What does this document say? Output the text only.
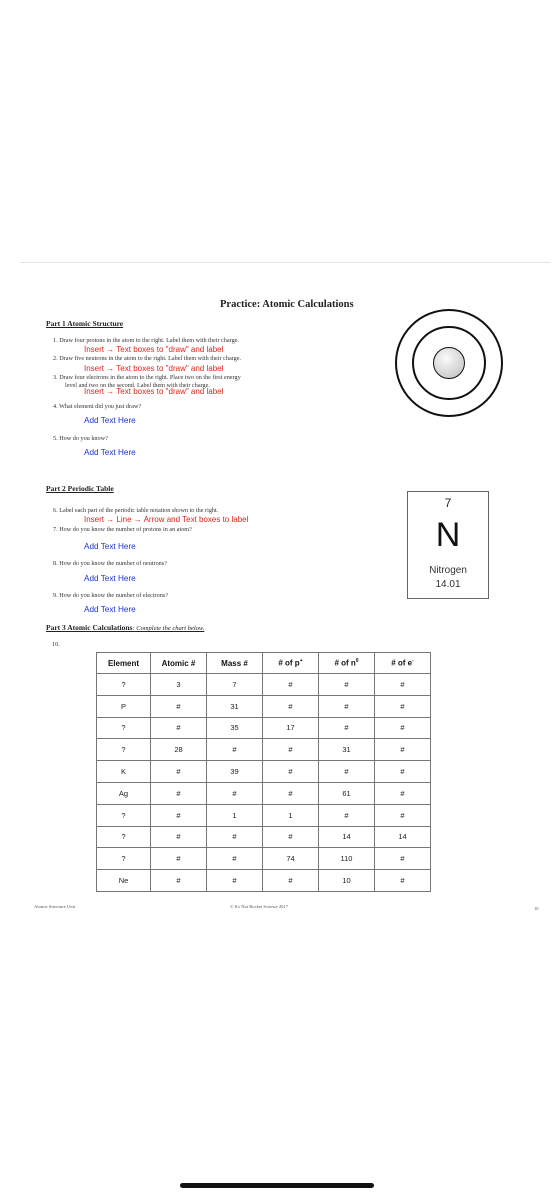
Practice: Atomic Calculations
Part 1 Atomic Structure
1. Draw four protons in the atom to the right. Label them with their charge.
Insert → Text boxes to "draw" and label
2. Draw five neutrons in the atom to the right. Label them with their charge.
Insert → Text boxes to "draw" and label
3. Draw four electrons in the atom to the right. Place two on the first energy
level and two on the second. Label them with their charge.
Insert → Text boxes to "draw" and label
4. What element did you just draw?
Add Text Here
5. How do you know?
Add Text Here
Part 2 Periodic Table
6. Label each part of the periodic table notation shown to the right.
Insert → Line → Arrow and Text boxes to label
7. How do you know the number of protons in an atom?
Add Text Here
8. How do you know the number of neutrons?
Add Text Here
9. How do you know the number of electrons?
Add Text Here
7
N
Nitrogen
14.01
Part 3 Atomic Calculations: Complete the chart below.
10.
Element	Atomic #	Mass #	# of p+	# of $n^0$	# of e-
?	3	7	#	#	#
P	#	31	#	#	#
?	#	35	17	#	#
?	28	#	#	31	#
K	#	39	#	#	#
Ag	#	#	#	61	#
?	#	1	1	#	#
?	#	#	#	14	14
?	#	#	74	110	#
Ne	#	#	#	10	#
Atomic Structure Unit	© It's Not Rocket Science 2017	10
